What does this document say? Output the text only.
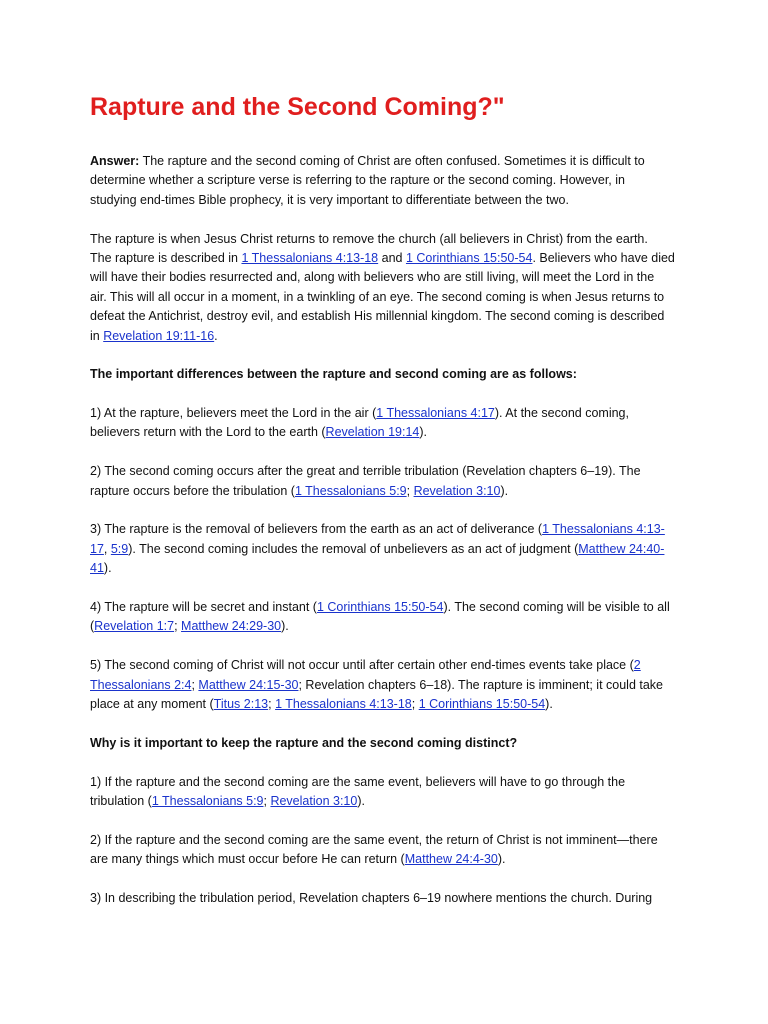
Rapture and the Second Coming?"
Answer: The rapture and the second coming of Christ are often confused. Sometimes it is difficult to
determine whether a scripture verse is referring to the rapture or the second coming. However, in
studying end-times Bible prophecy, it is very important to differentiate between the two.
The rapture is when Jesus Christ returns to remove the church (all believers in Christ) from the earth.
The rapture is described in 1 Thessalonians 4:13-18 and 1 Corinthians 15:50-54. Believers who have died
will have their bodies resurrected and, along with believers who are still living, will meet the Lord in the
air. This will all occur in a moment, in a twinkling of an eye. The second coming is when Jesus returns to
defeat the Antichrist, destroy evil, and establish His millennial kingdom. The second coming is described
in Revelation 19:11-16.
The important differences between the rapture and second coming are as follows:
1) At the rapture, believers meet the Lord in the air (1 Thessalonians 4:17). At the second coming,
believers return with the Lord to the earth (Revelation 19:14).
2) The second coming occurs after the great and terrible tribulation (Revelation chapters 6–19). The
rapture occurs before the tribulation (1 Thessalonians 5:9; Revelation 3:10).
3) The rapture is the removal of believers from the earth as an act of deliverance (1 Thessalonians 4:13-
17, 5:9). The second coming includes the removal of unbelievers as an act of judgment (Matthew 24:40-
41).
4) The rapture will be secret and instant (1 Corinthians 15:50-54). The second coming will be visible to all
(Revelation 1:7; Matthew 24:29-30).
5) The second coming of Christ will not occur until after certain other end-times events take place (2
Thessalonians 2:4; Matthew 24:15-30; Revelation chapters 6–18). The rapture is imminent; it could take
place at any moment (Titus 2:13; 1 Thessalonians 4:13-18; 1 Corinthians 15:50-54).
Why is it important to keep the rapture and the second coming distinct?
1) If the rapture and the second coming are the same event, believers will have to go through the
tribulation (1 Thessalonians 5:9; Revelation 3:10).
2) If the rapture and the second coming are the same event, the return of Christ is not imminent—there
are many things which must occur before He can return (Matthew 24:4-30).
3) In describing the tribulation period, Revelation chapters 6–19 nowhere mentions the church. During
